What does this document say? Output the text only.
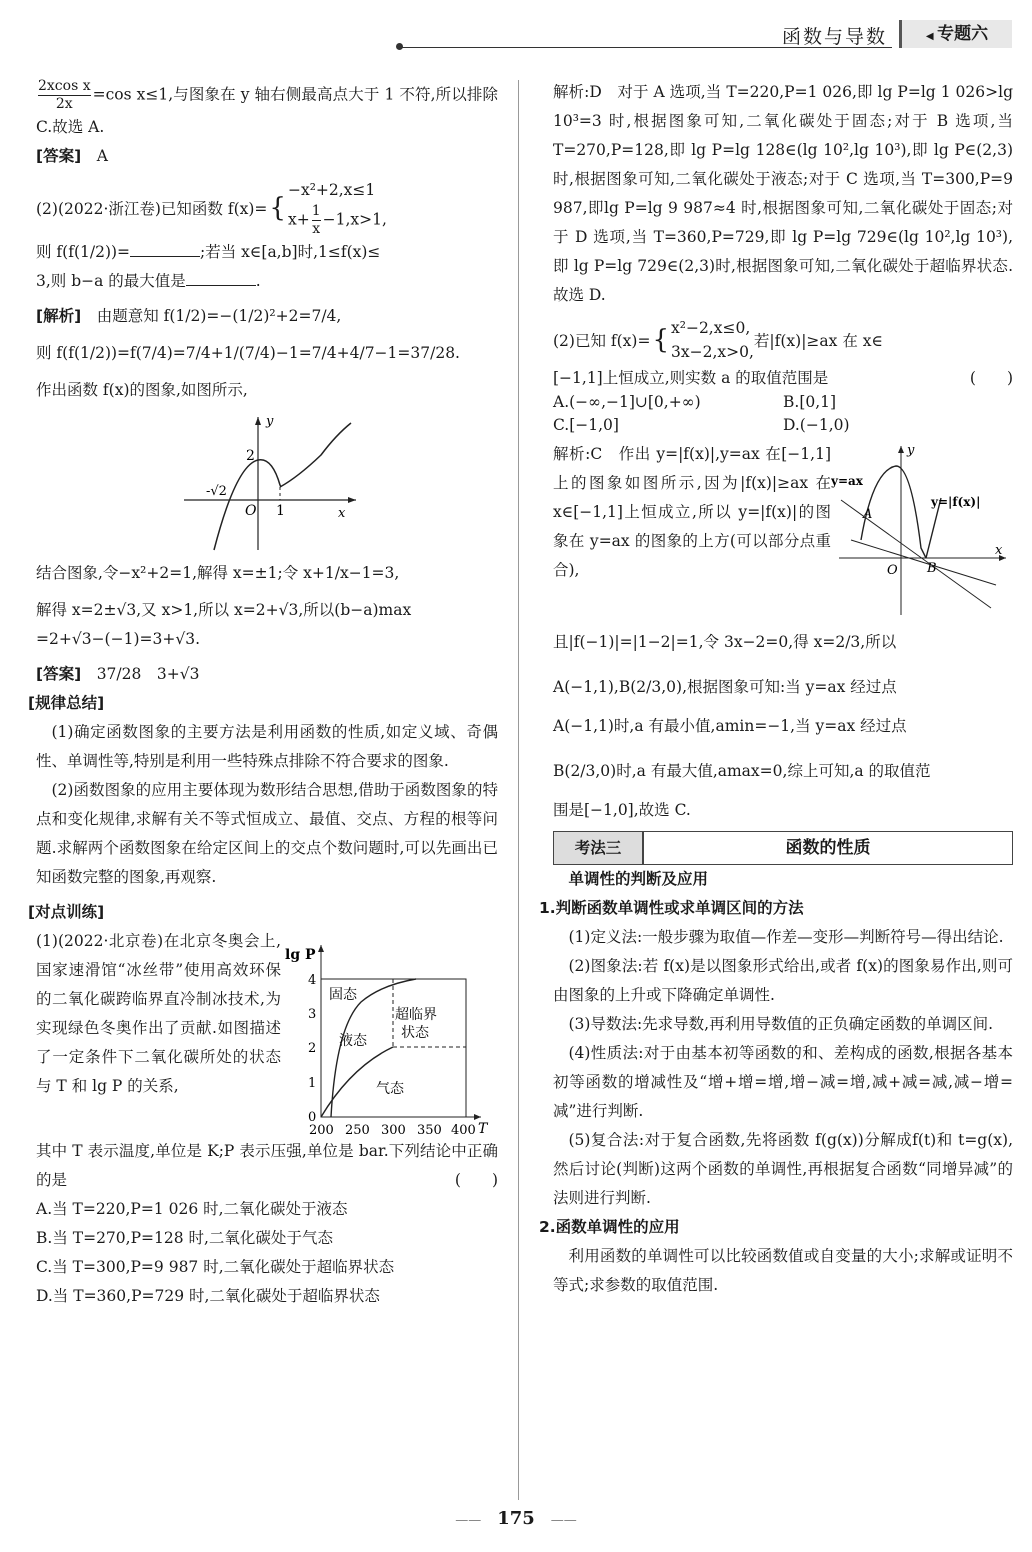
函数与导数
◀	专题六

$\frac{\text{2xcos x}}{2x} =\cos$ x≤1,与图象在 y 轴右侧最高点大于 1 不符,所以排除 C.故选 A.

[答案]　 A

(2)(2022·浙江卷)已知函数 f(x)= {
−x²+2,x≤1
$x+ \frac{1}{x} -1,x>1$,

则 f(f(1/2))=	;若当 x∈[a,b]时,1≤f(x)≤

3,则 b−a 的最大值是	.

[解析]　 由题意知 f(1/2)=−(1/2)²+2=7/4,

则 f(f(1/2))=f(7/4)=7/4+1/(7/4)−1=7/4+4/7−1=37/28.

作出函数 f(x)的图象,如图所示,

y
x
O
2
1
-√2

结合图象,令−x²+2=1,解得 x=±1;令 x+1/x−1=3,

解得 x=2±√3,又 x>1,所以 x=2+√3,所以(b−a)max

=2+√3−(−1)=3+√3.

[答案]　 37/28　 3+√3

[规律总结]

(1)确定函数图象的主要方法是利用函数的性质,如定义域、奇偶性、单调性等,特别是利用一些特殊点排除不符合要求的图象.

(2)函数图象的应用主要体现为数形结合思想,借助于函数图象的特点和变化规律,求解有关不等式恒成立、最值、交点、方程的根等问题.求解两个函数图象在给定区间上的交点个数问题时,可以先画出已知函数完整的图象,再观察.

[对点训练]

(1)(2022·北京卷)在北京冬奥会上,国家速滑馆“冰丝带”使用高效环保的二氧化碳跨临界直冷制冰技术,为实现绿色冬奥作出了贡献.如图描述了一定条件下二氧化碳所处的状态与 T 和 lg P 的关系,

lg P
T
固态
液态
超临界
状态
气态
0
1
2
3
4
200 250 300 350 400

其中 T 表示温度,单位是 K;P 表示压强,单位是 bar.下列结论中正确的是	(　　)

A.当 T=220,P=1 026 时,二氧化碳处于液态

B.当 T=270,P=128 时,二氧化碳处于气态

C.当 T=300,P=9 987 时,二氧化碳处于超临界状态

D.当 T=360,P=729 时,二氧化碳处于超临界状态

解析:D　对于 A 选项,当 T=220,P=1 026,即 lg P=lg 1 026>lg 10³=3 时,根据图象可知,二氧化碳处于固态;对于 B 选项,当 T=270,P=128,即 lg P=lg 128∈(lg 10²,lg 10³),即 lg P∈(2,3)时,根据图象可知,二氧化碳处于液态;对于 C 选项,当 T=300,P=9 987,即lg P=lg 9 987≈4 时,根据图象可知,二氧化碳处于固态;对于 D 选项,当 T=360,P=729,即 lg P=lg 729∈(lg 10²,lg 10³),即 lg P=lg 729∈(2,3)时,根据图象可知,二氧化碳处于超临界状态.故选 D.

(2)已知 f(x)= { x²−2,x≤0,
3x−2,x>0,
若|f(x)|≥ax 在 x∈

[−1,1]上恒成立,则实数 a 的取值范围是	(　　)

A.(−∞,−1]∪[0,+∞)	B.[0,1]
C.[−1,0]	D.(−1,0)

解析:C　作出 y=|f(x)|,y=ax 在[−1,1]上的图象如图所示,因为|f(x)|≥ax 在 x∈[−1,1]上恒成立,所以 y=|f(x)|的图象在 y=ax 的图象的上方(可以部分点重合),

y=ax
y=|f(x)|
A
B
O
x
y

且|f(−1)|=|1−2|=1,令 3x−2=0,得 x=2/3,所以

A(−1,1),B(2/3,0),根据图象可知:当 y=ax 经过点

A(−1,1)时,a 有最小值,amin=−1,当 y=ax 经过点

B(2/3,0)时,a 有最大值,amax=0,综上可知,a 的取值范

围是[−1,0],故选 C.

考法三	函数的性质

单调性的判断及应用

1.判断函数单调性或求单调区间的方法

(1)定义法:一般步骤为取值—作差—变形—判断符号—得出结论.

(2)图象法:若 f(x)是以图象形式给出,或者 f(x)的图象易作出,则可由图象的上升或下降确定单调性.

(3)导数法:先求导数,再利用导数值的正负确定函数的单调区间.

(4)性质法:对于由基本初等函数的和、差构成的函数,根据各基本初等函数的增减性及“增+增=增,增−减=增,减+减=减,减−增=减”进行判断.

(5)复合法:对于复合函数,先将函数 f(g(x))分解成f(t)和 t=g(x),然后讨论(判断)这两个函数的单调性,再根据复合函数“同增异减”的法则进行判断.

2.函数单调性的应用

利用函数的单调性可以比较函数值或自变量的大小;求解或证明不等式;求参数的取值范围.

—— 175 ——
